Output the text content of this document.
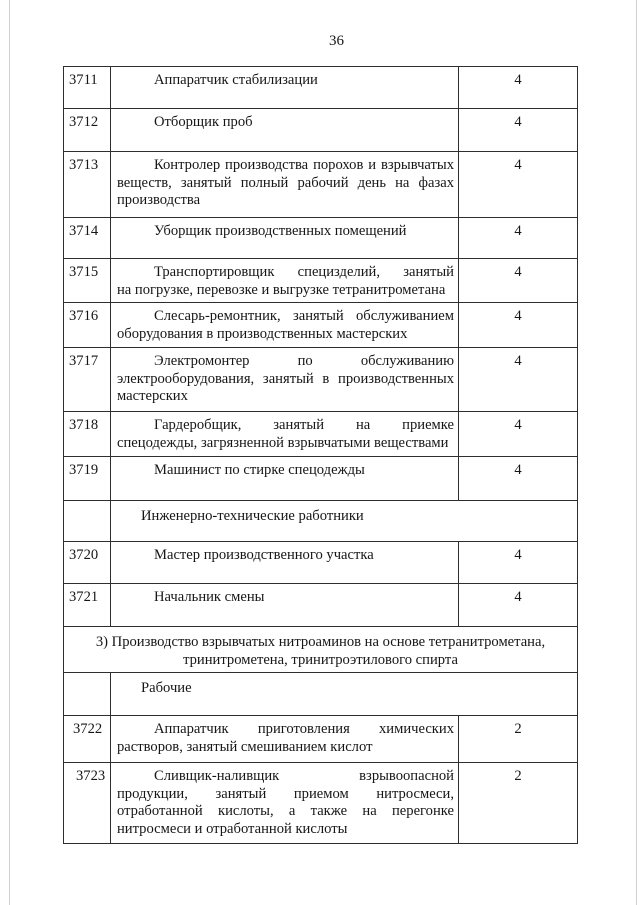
36
3711	Аппаратчик стабилизации	4
3712	Отборщик проб	4
3713	Контролер производства порохов и взрывчатых
веществ, занятый полный рабочий день на фазах
производства	4
3714	Уборщик производственных помещений	4
3715	Транспортировщик специзделий, занятый
на погрузке, перевозке и выгрузке тетранитрометана	4
3716	Слесарь-ремонтник, занятый обслуживанием
оборудования в производственных мастерских	4
3717	Электромонтер по обслуживанию
электрооборудования, занятый в производственных
мастерских	4
3718	Гардеробщик, занятый на приемке
спецодежды, загрязненной взрывчатыми веществами	4
3719	Машинист по стирке спецодежды	4
	Инженерно-технические работники	
3720	Мастер производственного участка	4
3721	Начальник смены	4

3) Производство взрывчатых нитроаминов на основе тетранитрометана,
тринитрометена, тринитроэтилового спирта		

	Рабочие	
3722	Аппаратчик приготовления химических
растворов, занятый смешиванием кислот	2
3723	Сливщик-наливщик взрывоопасной
продукции, занятый приемом нитросмеси,
отработанной кислоты, а также на перегонке
нитросмеси и отработанной кислоты	2
